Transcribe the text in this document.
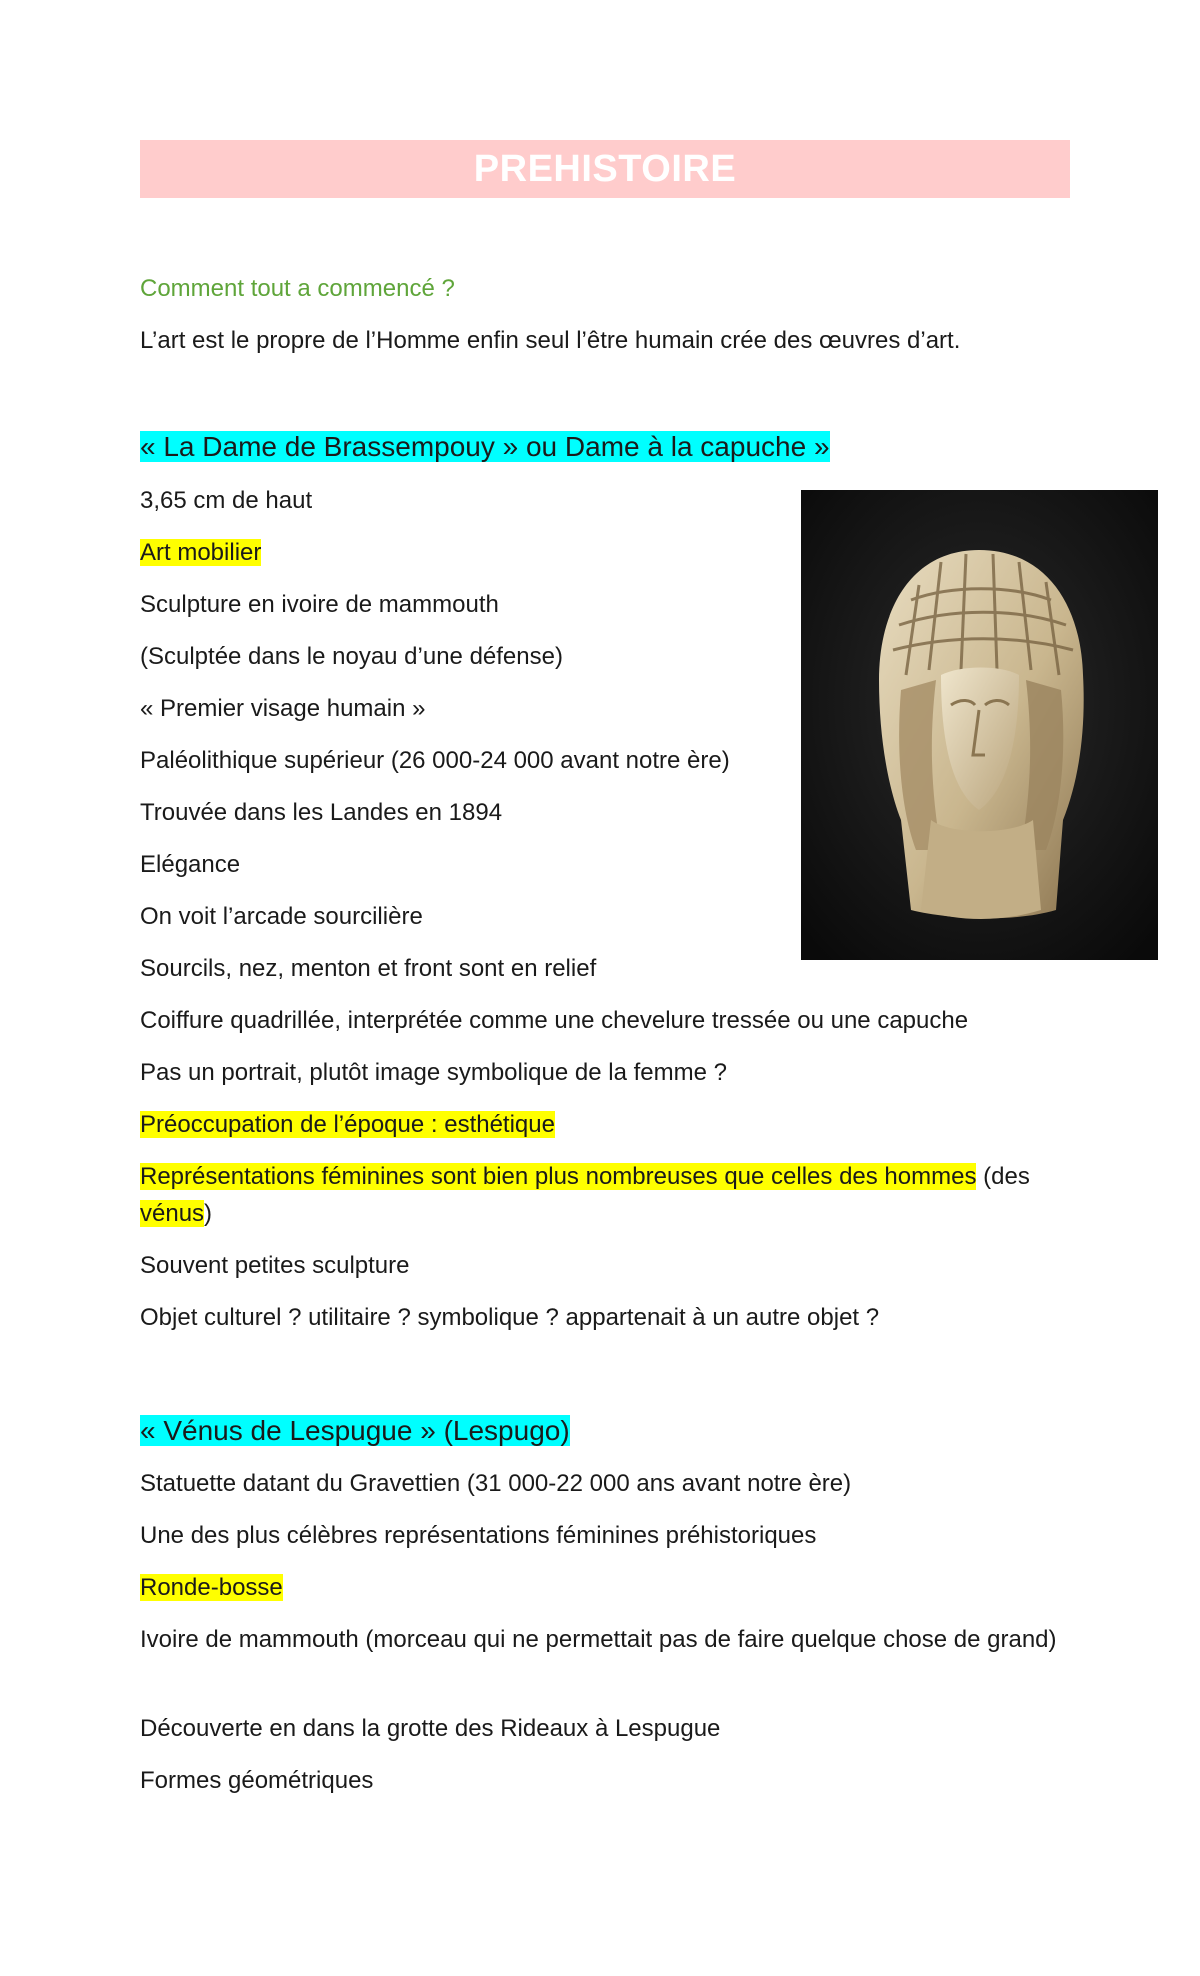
PREHISTOIRE
Comment tout a commencé ?
L’art est le propre de l’Homme enfin seul l’être humain crée des œuvres d’art.
« La Dame de Brassempouy » ou Dame à la capuche »
3,65 cm de haut
Art mobilier
Sculpture en ivoire de mammouth
(Sculptée dans le noyau d’une défense)
« Premier visage humain »
Paléolithique supérieur (26 000-24 000 avant notre ère)
Trouvée dans les Landes en 1894
Elégance
On voit l’arcade sourcilière
Sourcils, nez, menton et front sont en relief
Coiffure quadrillée, interprétée comme une chevelure tressée ou une capuche
Pas un portrait, plutôt image symbolique de la femme ?
Préoccupation de l’époque : esthétique
Représentations féminines sont bien plus nombreuses que celles des hommes (des
vénus)
Souvent petites sculpture
Objet culturel ? utilitaire ? symbolique ? appartenait à un autre objet ?
« Vénus de Lespugue » (Lespugo)
Statuette datant du Gravettien (31 000-22 000 ans avant notre ère)
Une des plus célèbres représentations féminines préhistoriques
Ronde-bosse
Ivoire de mammouth (morceau qui ne permettait pas de faire quelque chose de grand)
Découverte en dans la grotte des Rideaux à Lespugue
Formes géométriques
